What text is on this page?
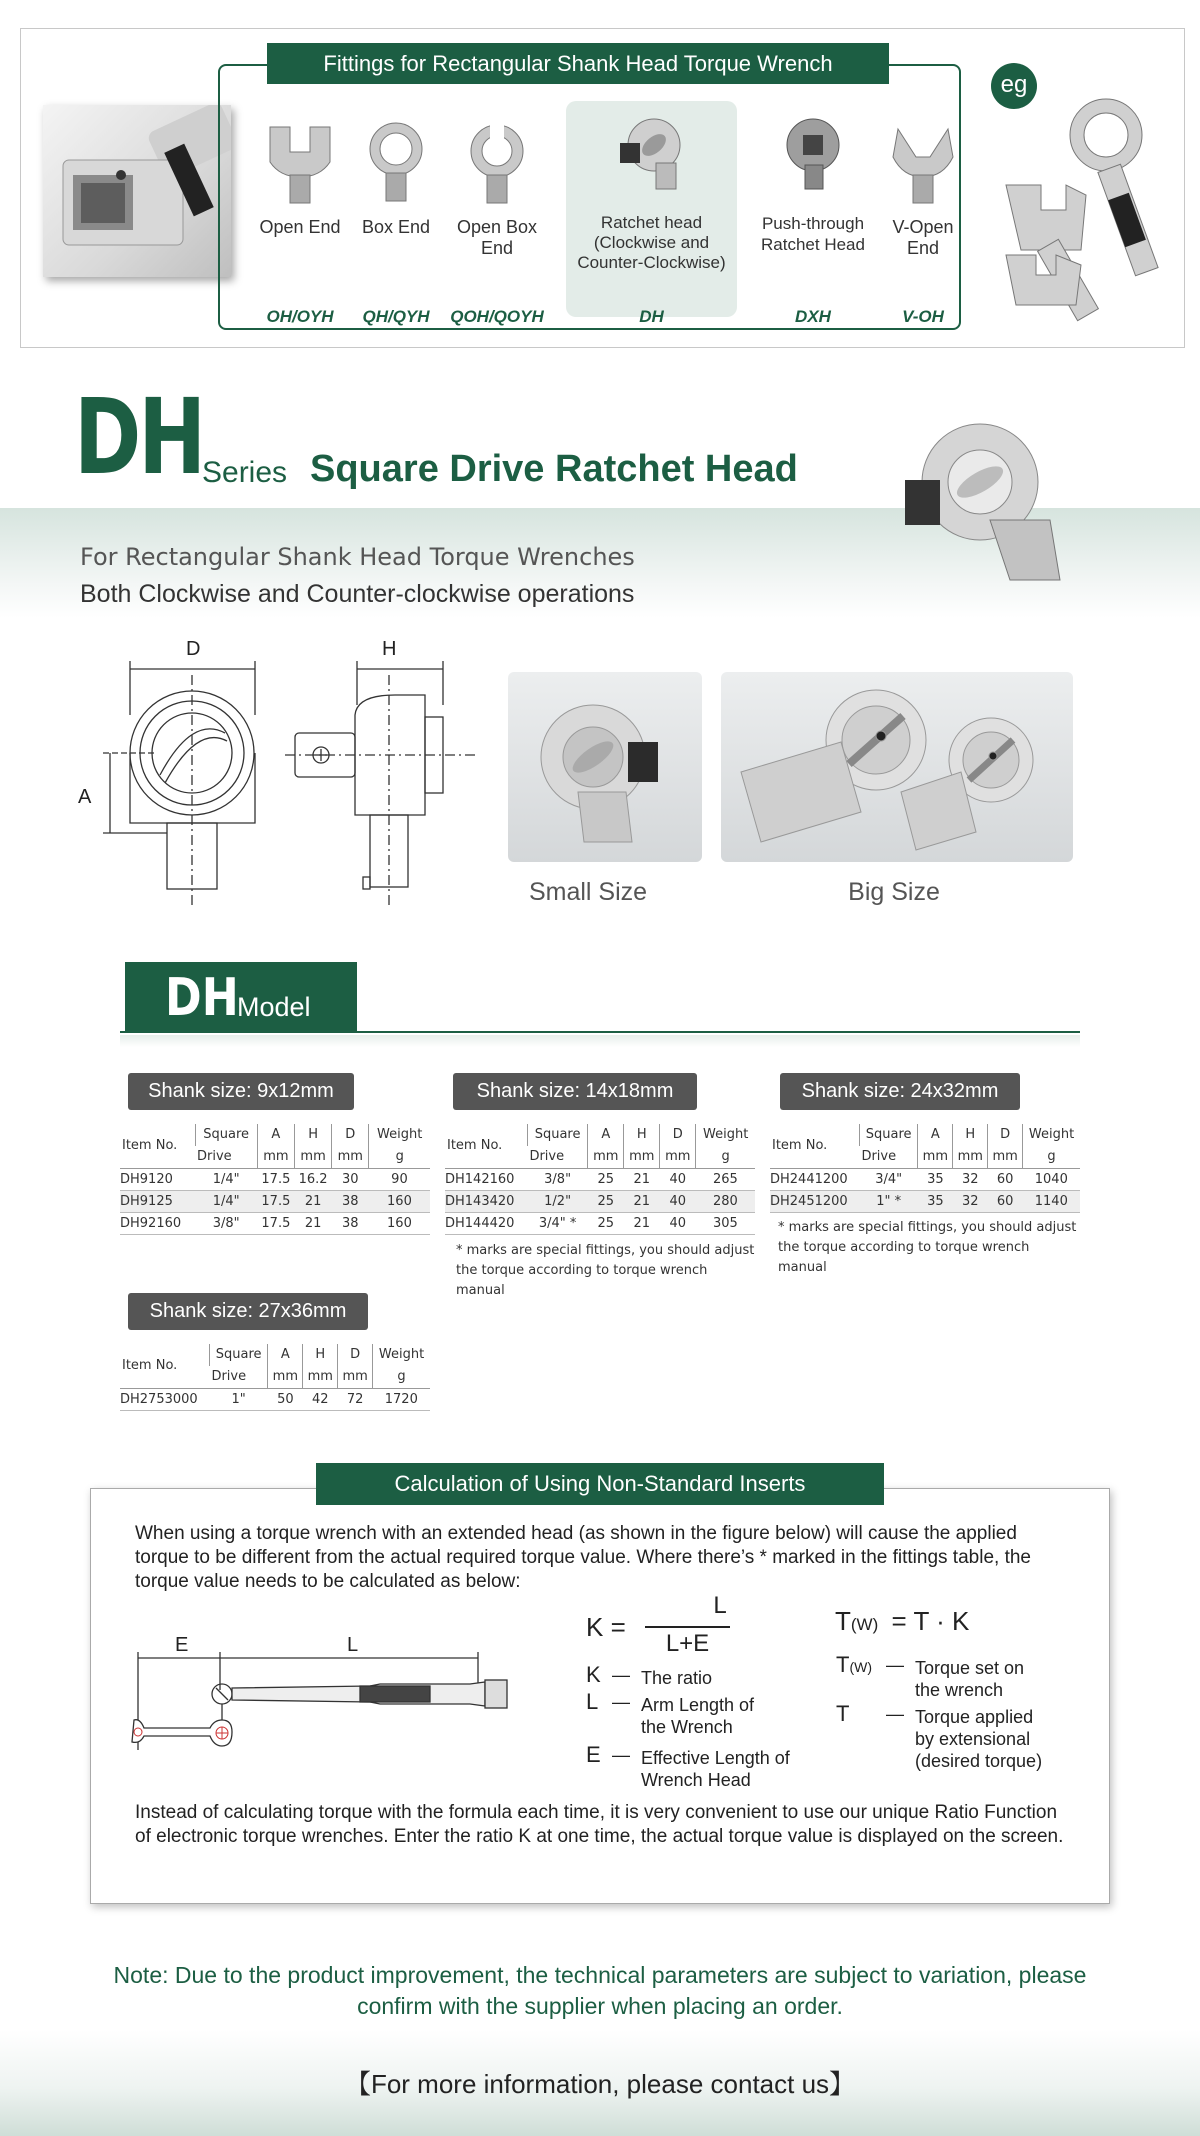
Fittings for Rectangular Shank Head Torque Wrench
Open End
OH/OYH
Box End
QH/QYH
Open Box End
QOH/QOYH
Ratchet head (Clockwise and Counter-Clockwise)
DH
Push-through Ratchet Head
DXH
V-Open End
V-OH
eg
DH Series Square Drive Ratchet Head
For Rectangular Shank Head Torque Wrenches
Both Clockwise and Counter-clockwise operations
D	H
A
Small Size	Big Size
DH
Model
Shank size: 9x12mm
Item No.	Square	A	H	D	Weight
	Drive	mm	mm	mm	g
DH9120	1/4"	17.5	16.2	30	90
DH9125	1/4"	17.5	21	38	160
DH92160	3/8"	17.5	21	38	160
Shank size: 14x18mm
Item No.	Square	A	H	D	Weight
	Drive	mm	mm	mm	g
DH142160	3/8"	25	21	40	265
DH143420	1/2"	25	21	40	280
DH144420	3/4" *	25	21	40	305
* marks are special fittings, you should adjust the torque according to torque wrench manual
Shank size: 24x32mm
Item No.	Square	A	H	D	Weight
	Drive	mm	mm	mm	g
DH2441200	3/4"	35	32	60	1040
DH2451200	1" *	35	32	60	1140
* marks are special fittings, you should adjust the torque according to torque wrench manual
Shank size: 27x36mm
Item No.	Square	A	H	D	Weight
	Drive	mm	mm	mm	g
DH2753000	1"	50	42	72	1720
Calculation of Using Non-Standard Inserts
When using a torque wrench with an extended head (as shown in the figure below) will cause the applied torque to be different from the actual required torque value. Where there’s * marked in the fittings table, the torque value needs to be calculated as below:
E	L
K =
L
L+E
T(W) = T · K
K — The ratio
L — Arm Length of the Wrench
E — Effective Length of Wrench Head
T(W) — Torque set on the wrench
T — Torque applied by extensional (desired torque)
Instead of calculating torque with the formula each time, it is very convenient to use our unique Ratio Function of electronic torque wrenches. Enter the ratio K at one time, the actual torque value is displayed on the screen.
Note: Due to the product improvement, the technical parameters are subject to variation, please confirm with the supplier when placing an order.
【For more information, please contact us】
